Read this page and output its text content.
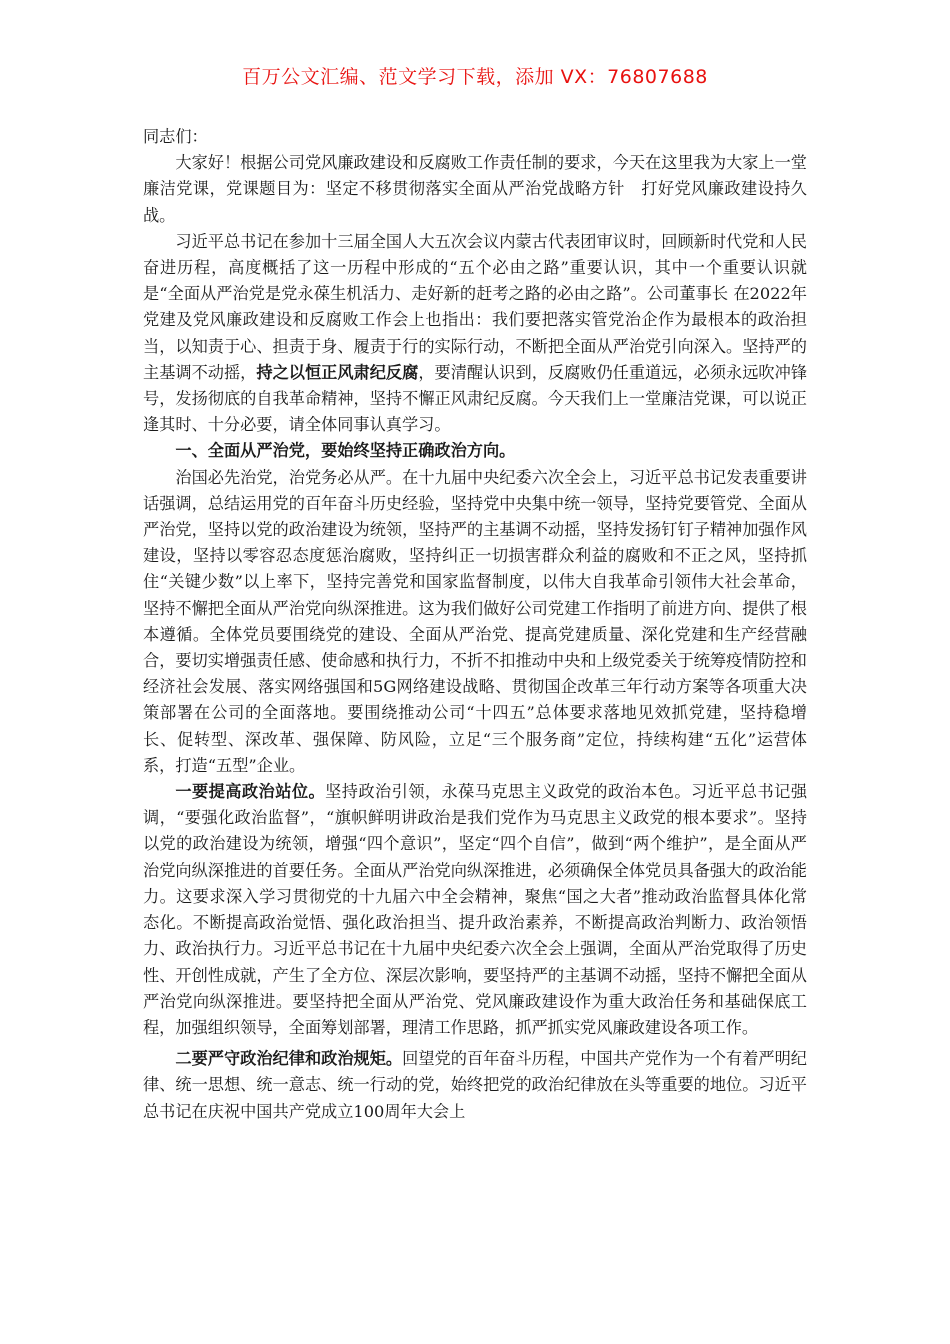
百万公文汇编、范文学习下载，添加 VX：76807688

同志们：

大家好！根据公司党风廉政建设和反腐败工作责任制的要求，今天在这里我为大家上一堂廉洁党课，党课题目为：坚定不移贯彻落实全面从严治党战略方针　打好党风廉政建设持久战。

习近平总书记在参加十三届全国人大五次会议内蒙古代表团审议时，回顾新时代党和人民奋进历程，高度概括了这一历程中形成的“五个必由之路”重要认识，其中一个重要认识就是“全面从严治党是党永葆生机活力、走好新的赶考之路的必由之路”。公司董事长 在2022年党建及党风廉政建设和反腐败工作会上也指出：我们要把落实管党治企作为最根本的政治担当，以知责于心、担责于身、履责于行的实际行动，不断把全面从严治党引向深入。坚持严的主基调不动摇，持之以恒正风肃纪反腐，要清醒认识到，反腐败仍任重道远，必须永远吹冲锋号，发扬彻底的自我革命精神，坚持不懈正风肃纪反腐。今天我们上一堂廉洁党课，可以说正逢其时、十分必要，请全体同事认真学习。

一、全面从严治党，要始终坚持正确政治方向。

治国必先治党，治党务必从严。在十九届中央纪委六次全会上，习近平总书记发表重要讲话强调，总结运用党的百年奋斗历史经验，坚持党中央集中统一领导，坚持党要管党、全面从严治党，坚持以党的政治建设为统领，坚持严的主基调不动摇，坚持发扬钉钉子精神加强作风建设，坚持以零容忍态度惩治腐败，坚持纠正一切损害群众利益的腐败和不正之风，坚持抓住“关键少数”以上率下，坚持完善党和国家监督制度，以伟大自我革命引领伟大社会革命，坚持不懈把全面从严治党向纵深推进。这为我们做好公司党建工作指明了前进方向、提供了根本遵循。全体党员要围绕党的建设、全面从严治党、提高党建质量、深化党建和生产经营融合，要切实增强责任感、使命感和执行力，不折不扣推动中央和上级党委关于统筹疫情防控和经济社会发展、落实网络强国和5G网络建设战略、贯彻国企改革三年行动方案等各项重大决策部署在公司的全面落地。要围绕推动公司“十四五”总体要求落地见效抓党建，坚持稳增长、促转型、深改革、强保障、防风险，立足“三个服务商”定位，持续构建“五化”运营体系，打造“五型”企业。

一要提高政治站位。坚持政治引领，永葆马克思主义政党的政治本色。习近平总书记强调，“要强化政治监督”，“旗帜鲜明讲政治是我们党作为马克思主义政党的根本要求”。坚持以党的政治建设为统领，增强“四个意识”，坚定“四个自信”，做到“两个维护”，是全面从严治党向纵深推进的首要任务。全面从严治党向纵深推进，必须确保全体党员具备强大的政治能力。这要求深入学习贯彻党的十九届六中全会精神，聚焦“国之大者”推动政治监督具体化常态化。不断提高政治觉悟、强化政治担当、提升政治素养，不断提高政治判断力、政治领悟力、政治执行力。习近平总书记在十九届中央纪委六次全会上强调，全面从严治党取得了历史性、开创性成就，产生了全方位、深层次影响，要坚持严的主基调不动摇，坚持不懈把全面从严治党向纵深推进。要坚持把全面从严治党、党风廉政建设作为重大政治任务和基础保底工程，加强组织领导，全面筹划部署，理清工作思路，抓严抓实党风廉政建设各项工作。

二要严守政治纪律和政治规矩。回望党的百年奋斗历程，中国共产党作为一个有着严明纪律、统一思想、统一意志、统一行动的党，始终把党的政治纪律放在头等重要的地位。习近平总书记在庆祝中国共产党成立100周年大会上
